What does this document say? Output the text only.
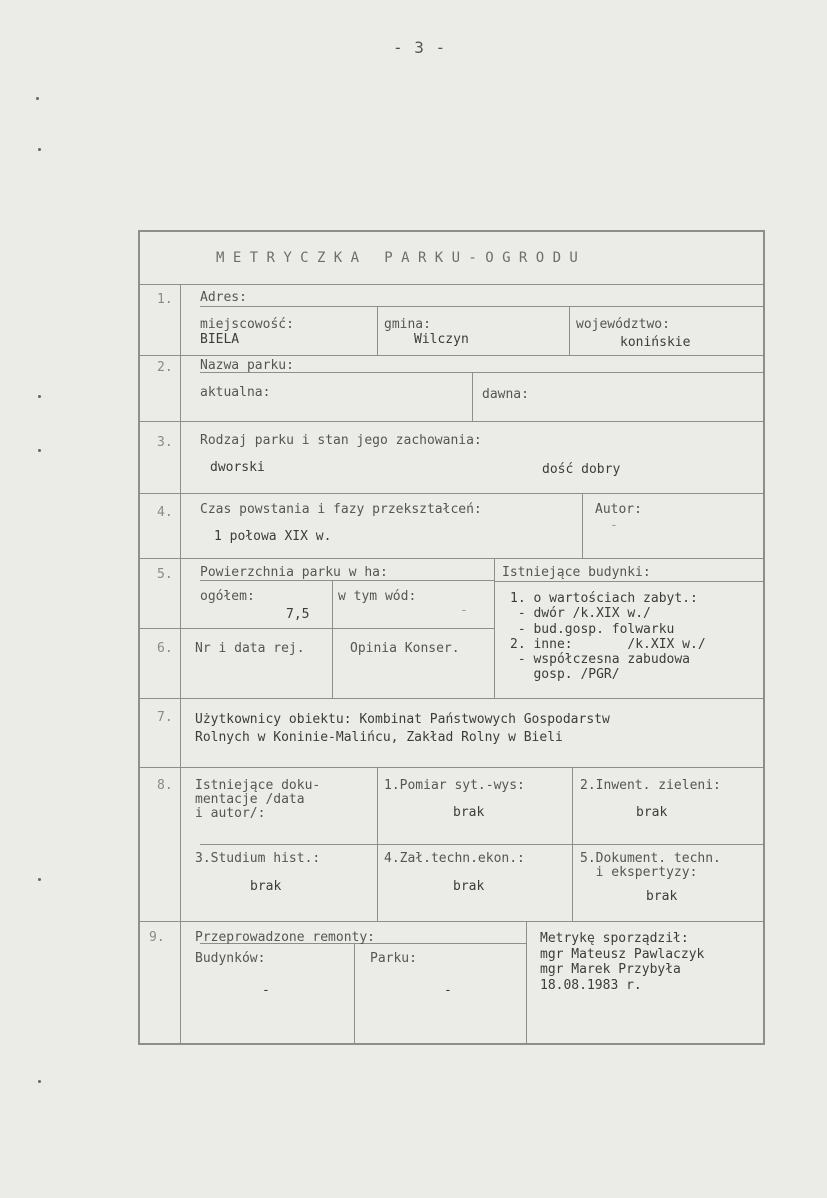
- 3 -
METRYCZKA PARKU-OGRODU
1. Adres:
miejscowość:
BIELA
gmina:
Wilczyn
województwo:
konińskie
2. Nazwa parku:
aktualna:	dawna:
3. Rodzaj parku i stan jego zachowania:
dworski	dość dobry
4. Czas powstania i fazy przekształceń:
1 połowa XIX w.
Autor:
-
5. Powierzchnia parku w ha:
ogółem:
7,5
w tym wód:
-
Istniejące budynki:
1. o wartościach zabyt.:
- dwór /k.XIX w./
- bud.gosp. folwarku
2. inne:       /k.XIX w./
- współczesna zabudowa
gosp. /PGR/
6. Nr i data rej.	Opinia Konser.
7. Użytkownicy obiektu: Kombinat Państwowych Gospodarstw
Rolnych w Koninie-Malińcu, Zakład Rolny w Bieli
8. Istniejące doku-
mentacje /data
i autor/:
1.Pomiar syt.-wys:
brak
2.Inwent. zieleni:
brak
3.Studium hist.:
brak
4.Zał.techn.ekon.:
brak
5.Dokument. techn.
i ekspertyzy:
brak
9. Przeprowadzone remonty:
Budynków:
-
Parku:
-
Metrykę sporządził:
mgr Mateusz Pawlaczyk
mgr Marek Przybyła
18.08.1983 r.
